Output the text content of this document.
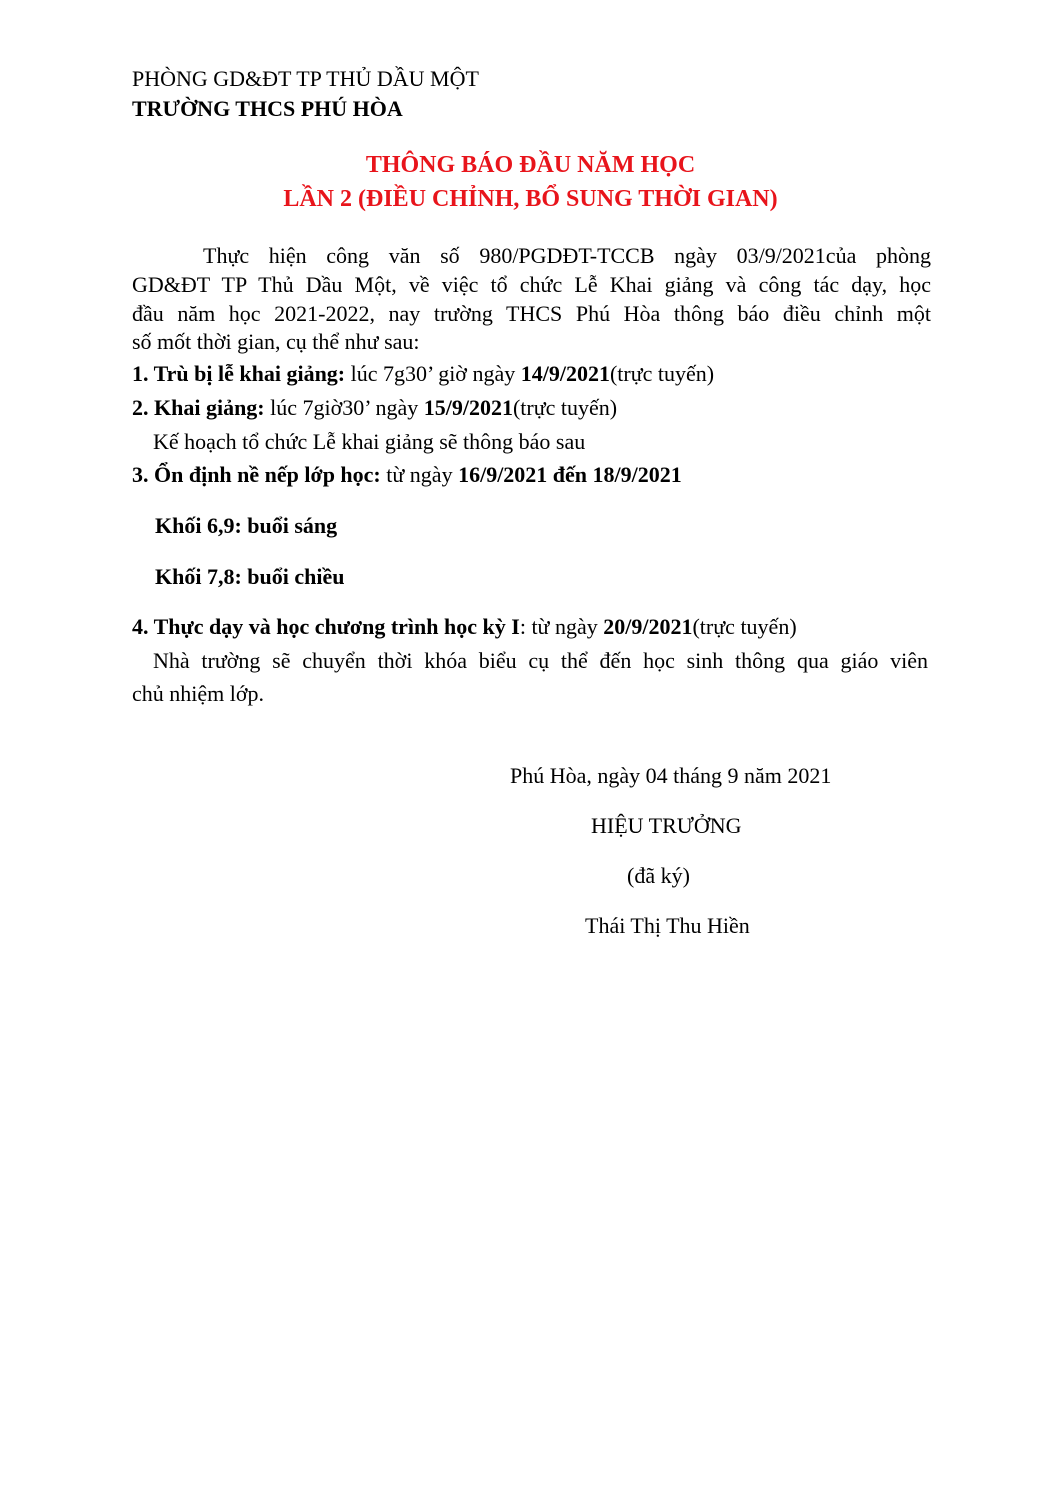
PHÒNG GD&ĐT TP THỦ DẦU MỘT
TRƯỜNG THCS PHÚ HÒA
THÔNG BÁO ĐẦU NĂM HỌC
LẦN 2 (ĐIỀU CHỈNH, BỔ SUNG THỜI GIAN)
Thực hiện công văn số 980/PGDĐT-TCCB ngày 03/9/2021của phòng
GD&ĐT TP Thủ Dầu Một, về việc tổ chức Lễ Khai giảng và công tác dạy, học
đầu năm học 2021-2022, nay trường THCS Phú Hòa thông báo điều chỉnh một
số mốt thời gian, cụ thể như sau:
1. Trù bị lễ khai giảng: lúc 7g30’ giờ ngày 14/9/2021(trực tuyến)
2. Khai giảng: lúc 7giờ30’ ngày 15/9/2021(trực tuyến)
Kế hoạch tổ chức Lễ khai giảng sẽ thông báo sau
3. Ổn định nề nếp lớp học: từ ngày 16/9/2021 đến 18/9/2021
Khối 6,9: buổi sáng
Khối 7,8: buổi chiều
4. Thực dạy và học chương trình học kỳ I: từ ngày 20/9/2021(trực tuyến)
Nhà trường sẽ chuyển thời khóa biểu cụ thể đến học sinh thông qua giáo viên
chủ nhiệm lớp.
Phú Hòa, ngày 04 tháng 9 năm 2021
HIỆU TRƯỞNG
(đã ký)
Thái Thị Thu Hiền
